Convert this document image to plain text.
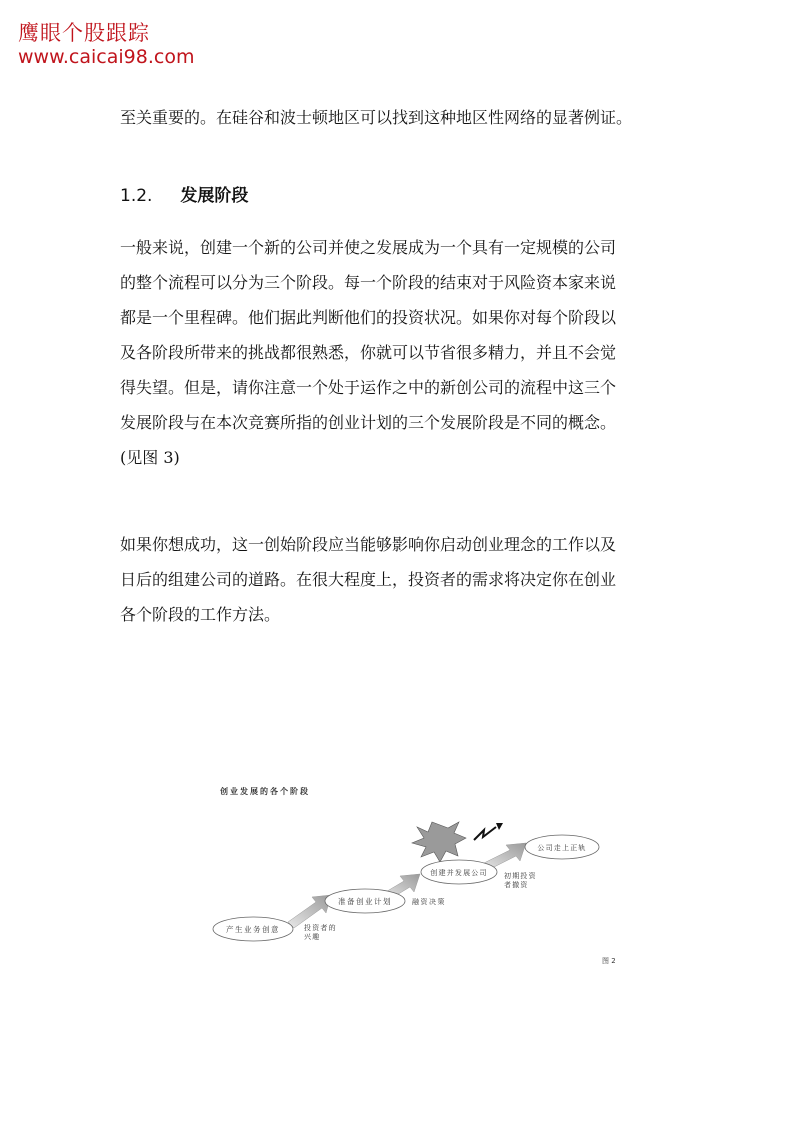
鹰眼个股跟踪
www.caicai98.com
至关重要的。在硅谷和波士顿地区可以找到这种地区性网络的显著例证。
1.2. 发展阶段
一般来说，创建一个新的公司并使之发展成为一个具有一定规模的公司
的整个流程可以分为三个阶段。每一个阶段的结束对于风险资本家来说
都是一个里程碑。他们据此判断他们的投资状况。如果你对每个阶段以
及各阶段所带来的挑战都很熟悉，你就可以节省很多精力，并且不会觉
得失望。但是，请你注意一个处于运作之中的新创公司的流程中这三个
发展阶段与在本次竞赛所指的创业计划的三个发展阶段是不同的概念。
(见图 3)
如果你想成功，这一创始阶段应当能够影响你启动创业理念的工作以及
日后的组建公司的道路。在很大程度上，投资者的需求将决定你在创业
各个阶段的工作方法。
创业发展的各个阶段
产生业务创意
准备创业计划
创建并发展公司
公司走上正轨
投资者的 兴趣
融资决策
初期投资 者撤资
图 2
